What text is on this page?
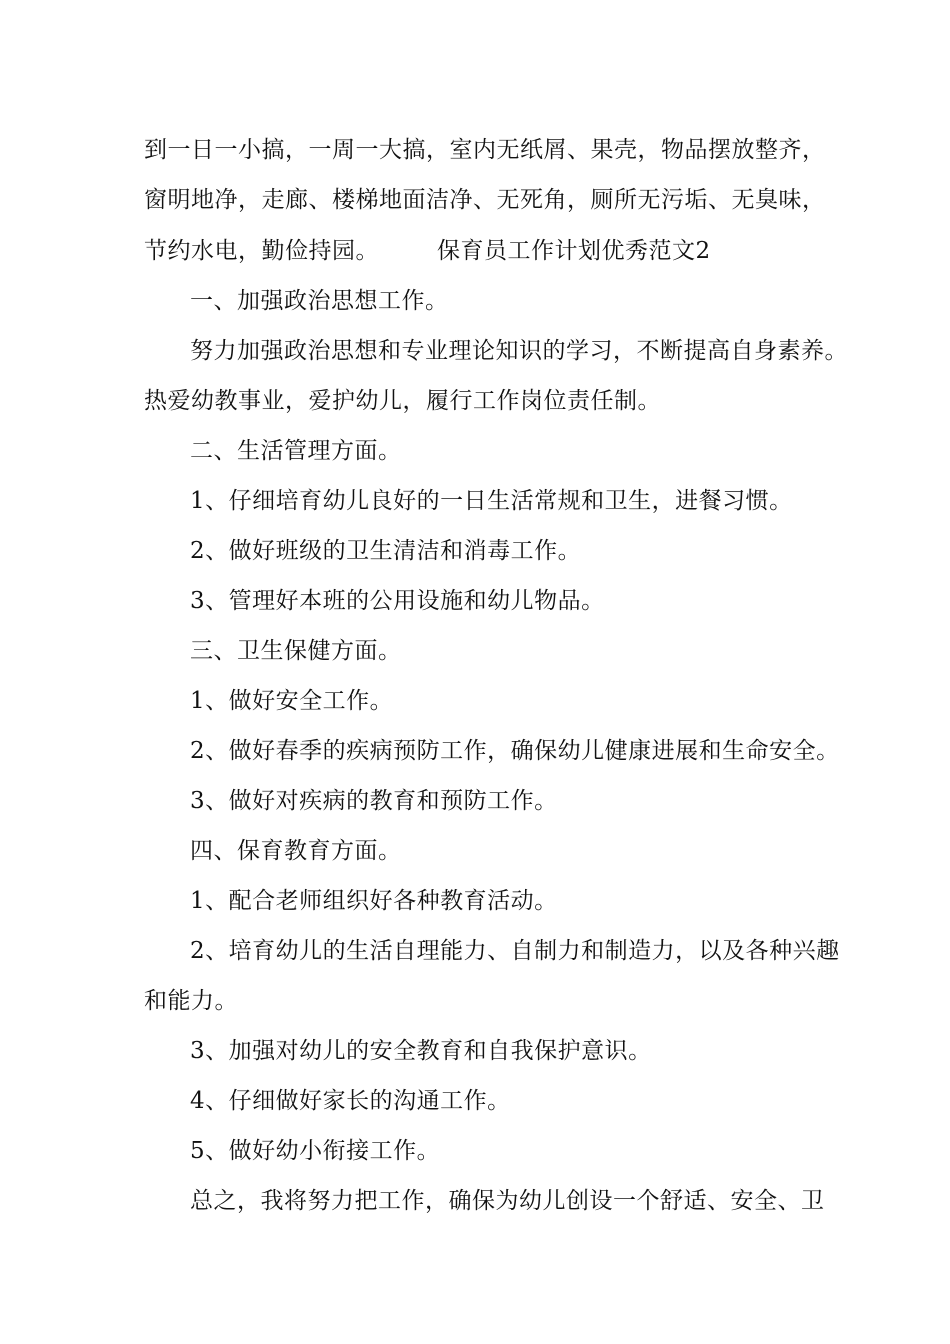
到一日一小搞，一周一大搞，室内无纸屑、果壳，物品摆放整齐，
窗明地净，走廊、楼梯地面洁净、无死角，厕所无污垢、无臭味，
节约水电，勤俭持园。	保育员工作计划优秀范文2
一、加强政治思想工作。
努力加强政治思想和专业理论知识的学习，不断提高自身素养。
热爱幼教事业，爱护幼儿，履行工作岗位责任制。
二、生活管理方面。
1、仔细培育幼儿良好的一日生活常规和卫生，进餐习惯。
2、做好班级的卫生清洁和消毒工作。
3、管理好本班的公用设施和幼儿物品。
三、卫生保健方面。
1、做好安全工作。
2、做好春季的疾病预防工作，确保幼儿健康进展和生命安全。
3、做好对疾病的教育和预防工作。
四、保育教育方面。
1、配合老师组织好各种教育活动。
2、培育幼儿的生活自理能力、自制力和制造力，以及各种兴趣
和能力。
3、加强对幼儿的安全教育和自我保护意识。
4、仔细做好家长的沟通工作。
5、做好幼小衔接工作。
总之，我将努力把工作，确保为幼儿创设一个舒适、安全、卫
